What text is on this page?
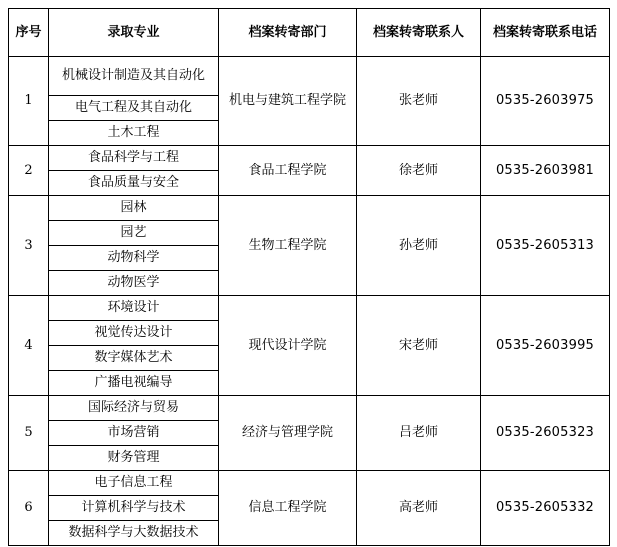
序号	录取专业	档案转寄部门	档案转寄联系人	档案转寄联系电话
1	机械设计制造及其自动化	机电与建筑工程学院	张老师	0535-2603975
	电气工程及其自动化			
	土木工程			
2	食品科学与工程	食品工程学院	徐老师	0535-2603981
	食品质量与安全			
3	园林	生物工程学院	孙老师	0535-2605313
	园艺			
	动物科学			
	动物医学			
4	环境设计	现代设计学院	宋老师	0535-2603995
	视觉传达设计			
	数字媒体艺术			
	广播电视编导			
5	国际经济与贸易	经济与管理学院	吕老师	0535-2605323
	市场营销			
	财务管理			
6	电子信息工程	信息工程学院	高老师	0535-2605332
	计算机科学与技术			
	数据科学与大数据技术			
